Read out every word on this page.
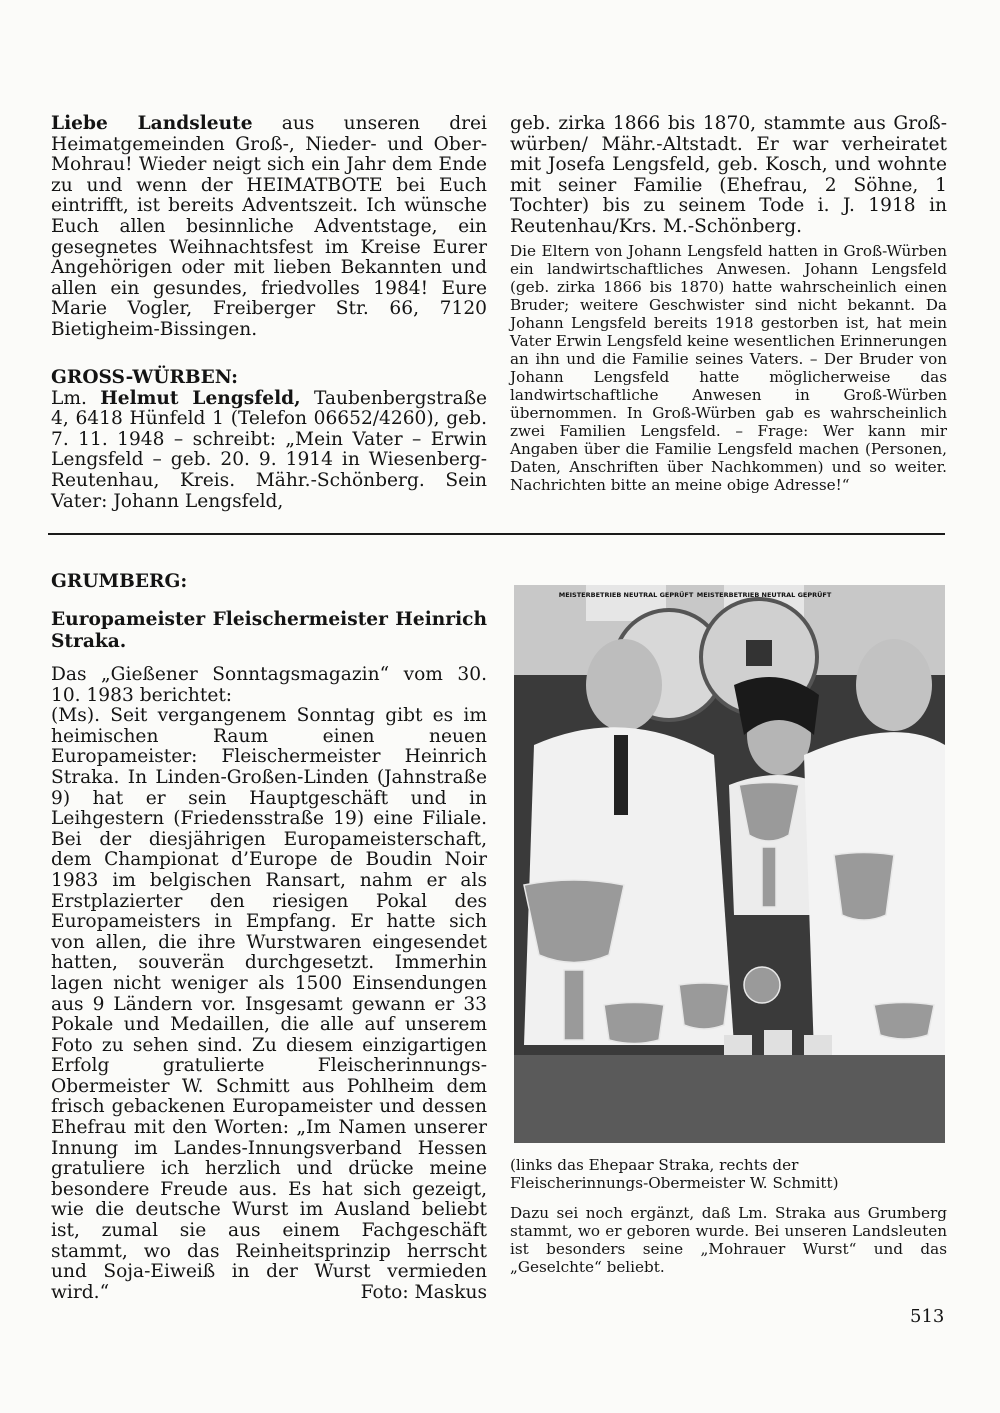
Liebe Landsleute aus unseren drei Heimatgemeinden Groß-, Nieder- und Ober-Mohrau! Wieder neigt sich ein Jahr dem Ende zu und wenn der HEIMATBOTE bei Euch eintrifft, ist bereits Adventszeit. Ich wünsche Euch allen besinnliche Adventstage, ein gesegnetes Weihnachtsfest im Kreise Eurer Angehörigen oder mit lieben Bekannten und allen ein gesundes, friedvolles 1984! Eure Marie Vogler, Freiberger Str. 66, 7120 Bietigheim-Bissingen.

GROSS-WÜRBEN:

Lm. Helmut Lengsfeld, Taubenbergstraße 4, 6418 Hünfeld 1 (Telefon 06652/4260), geb. 7. 11. 1948 – schreibt: „Mein Vater – Erwin Lengsfeld – geb. 20. 9. 1914 in Wiesenberg-Reutenhau, Kreis. Mähr.-Schönberg. Sein Vater: Johann Lengsfeld,

geb. zirka 1866 bis 1870, stammte aus Groß-würben/ Mähr.-Altstadt. Er war verheiratet mit Josefa Lengsfeld, geb. Kosch, und wohnte mit seiner Familie (Ehefrau, 2 Söhne, 1 Tochter) bis zu seinem Tode i. J. 1918 in Reutenhau/Krs. M.-Schönberg.

Die Eltern von Johann Lengsfeld hatten in Groß-Würben ein landwirtschaftliches Anwesen. Johann Lengsfeld (geb. zirka 1866 bis 1870) hatte wahrscheinlich einen Bruder; weitere Geschwister sind nicht bekannt. Da Johann Lengsfeld bereits 1918 gestorben ist, hat mein Vater Erwin Lengsfeld keine wesentlichen Erinnerungen an ihn und die Familie seines Vaters. – Der Bruder von Johann Lengsfeld hatte möglicherweise das landwirtschaftliche Anwesen in Groß-Würben übernommen. In Groß-Würben gab es wahrscheinlich zwei Familien Lengsfeld. – Frage: Wer kann mir Angaben über die Familie Lengsfeld machen (Personen, Daten, Anschriften über Nachkommen) und so weiter. Nachrichten bitte an meine obige Adresse!“

GRUMBERG:

Europameister Fleischermeister Heinrich Straka.

Das „Gießener Sonntagsmagazin“ vom 30. 10. 1983 berichtet:

(Ms). Seit vergangenem Sonntag gibt es im heimischen Raum einen neuen Europameister: Fleischermeister Heinrich Straka. In Linden-Großen-Linden (Jahnstraße 9) hat er sein Hauptgeschäft und in Leihgestern (Friedensstraße 19) eine Filiale. Bei der diesjährigen Europameisterschaft, dem Championat d’Europe de Boudin Noir 1983 im belgischen Ransart, nahm er als Erstplazierter den riesigen Pokal des Europameisters in Empfang. Er hatte sich von allen, die ihre Wurstwaren eingesendet hatten, souverän durchgesetzt. Immerhin lagen nicht weniger als 1500 Einsendungen aus 9 Ländern vor. Insgesamt gewann er 33 Pokale und Medaillen, die alle auf unserem Foto zu sehen sind. Zu diesem einzigartigen Erfolg gratulierte Fleischerinnungs-Obermeister W. Schmitt aus Pohlheim dem frisch gebackenen Europameister und dessen Ehefrau mit den Worten: „Im Namen unserer Innung im Landes-Innungsverband Hessen gratuliere ich herzlich und drücke meine besondere Freude aus. Es hat sich gezeigt, wie die deutsche Wurst im Ausland beliebt ist, zumal sie aus einem Fachgeschäft stammt, wo das Reinheitsprinzip herrscht und Soja-Eiweiß in der Wurst vermieden wird.“	Foto: Maskus

MEISTERBETRIEB NEUTRAL GEPRÜFT MEISTERBETRIEB NEUTRAL GEPRÜFT

(links das Ehepaar Straka, rechts der Fleischerinnungs-Obermeister W. Schmitt)

Dazu sei noch ergänzt, daß Lm. Straka aus Grumberg stammt, wo er geboren wurde. Bei unseren Landsleuten ist besonders seine „Mohrauer Wurst“ und das „Geselchte“ beliebt.

513
